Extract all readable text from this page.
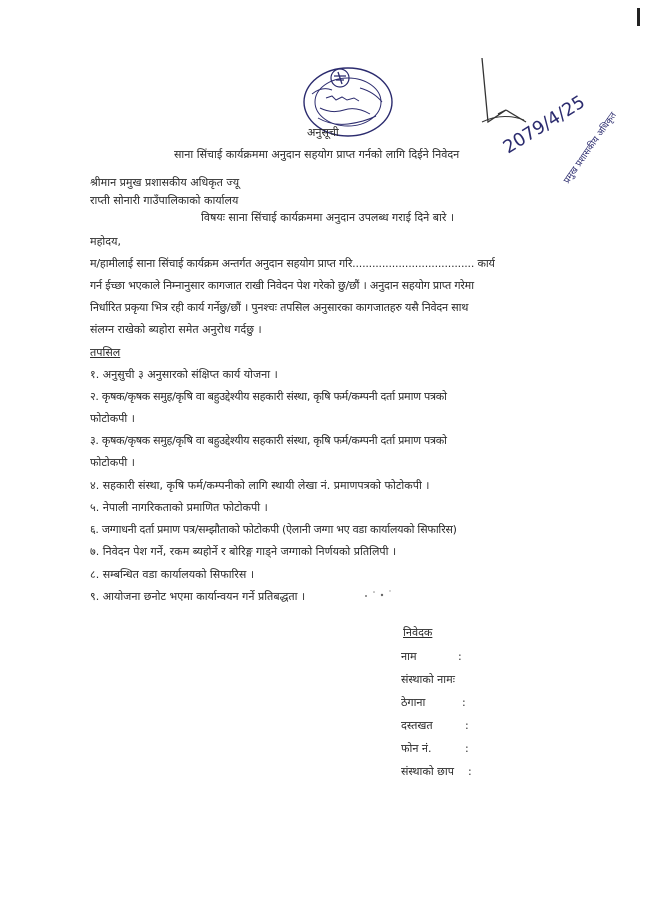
2079/4/25
प्रमुख प्रशासकीय अधिकृत
अनुसूची
साना सिंचाई कार्यक्रममा अनुदान सहयोग प्राप्त गर्नको लागि दिईने निवेदन
श्रीमान प्रमुख प्रशासकीय अधिकृत ज्यू
राप्ती सोनारी गाउँपालिकाको कार्यालय
विषयः साना सिंचाई कार्यक्रममा अनुदान उपलब्ध गराई दिने बारे ।
महोदय,
म/हामीलाई साना सिंचाई कार्यक्रम अन्तर्गत अनुदान सहयोग प्राप्त गरि..................................... कार्य
गर्न ईच्छा भएकाले निम्नानुसार कागजात राखी निवेदन पेश गरेको छु/छौं । अनुदान सहयोग प्राप्त गरेमा
निर्धारित प्रकृया भित्र रही कार्य गर्नेछु/छौं । पुनश्चः तपसिल अनुसारका कागजातहरु यसै निवेदन साथ
संलग्न राखेको ब्यहोरा समेत अनुरोध गर्दछु ।
तपसिल
१. अनुसुची ३ अनुसारको संक्षिप्त कार्य योजना ।
२. कृषक/कृषक समुह/कृषि वा बहुउद्देश्यीय सहकारी संस्था, कृषि फर्म/कम्पनी दर्ता प्रमाण पत्रको
फोटोकपी ।
३. कृषक/कृषक समुह/कृषि वा बहुउद्देश्यीय सहकारी संस्था, कृषि फर्म/कम्पनी दर्ता प्रमाण पत्रको
फोटोकपी ।
४. सहकारी संस्था, कृषि फर्म/कम्पनीको लागि स्थायी लेखा नं. प्रमाणपत्रको फोटोकपी ।
५. नेपाली नागरिकताको प्रमाणित फोटोकपी ।
६. जग्गाधनी दर्ता प्रमाण पत्र/सम्झौताको फोटोकपी (ऐलानी जग्गा भए वडा कार्यालयको सिफारिस)
७. निवेदन पेश गर्ने, रकम ब्यहोर्ने र बोरिङ्ग गाड्ने जग्गाको निर्णयको प्रतिलिपी ।
८. सम्बन्धित वडा कार्यालयको सिफारिस ।
९. आयोजना छनोट भएमा कार्यान्वयन गर्ने प्रतिबद्धता ।
निवेदक
नाम	:
संस्थाको नामः
ठेगाना	:
दस्तखत	:
फोन नं.	:
संस्थाको छाप :
